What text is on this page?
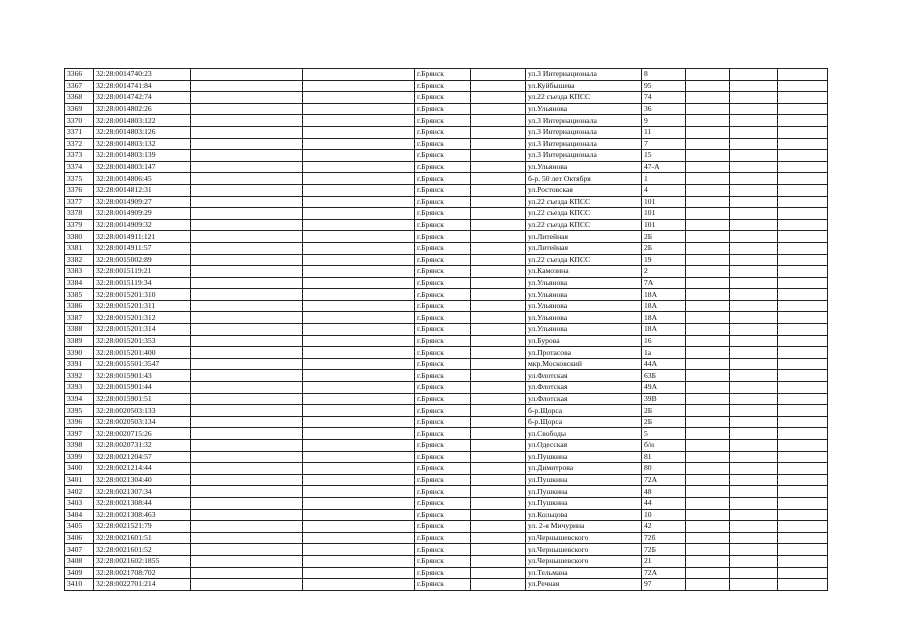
3366	32:28:0014740:23			г.Брянск		ул.3 Интернационала	8			
3367	32:28:0014741:84			г.Брянск		ул.Куйбышева	95			
3368	32:28:0014742:74			г.Брянск		ул.22 съезда КПСС	74			
3369	32:28:0014802:26			г.Брянск		ул.Ульянова	36			
3370	32:28:0014803:122			г.Брянск		ул.3 Интернационала	9			
3371	32:28:0014803:126			г.Брянск		ул.3 Интернационала	11			
3372	32:28:0014803:132			г.Брянск		ул.3 Интернационала	7			
3373	32:28:0014803:139			г.Брянск		ул.3 Интернационала	15			
3374	32:28:0014803:147			г.Брянск		ул.Ульянова	47-А			
3375	32:28:0014806:45			г.Брянск		б-р. 50 лет Октября	1			
3376	32:28:0014812:31			г.Брянск		ул.Ростовская	4			
3377	32:28:0014909:27			г.Брянск		ул.22 съезда КПСС	101			
3378	32:28:0014909:29			г.Брянск		ул.22 съезда КПСС	101			
3379	32:28:0014909:32			г.Брянск		ул.22 съезда КПСС	101			
3380	32:28:0014911:121			г.Брянск		ул.Литейная	2Б			
3381	32:28:0014911:57			г.Брянск		ул.Литейная	2Б			
3382	32:28:0015002:89			г.Брянск		ул.22 съезда КПСС	19			
3383	32:28:0015119:21			г.Брянск		ул.Камозина	2			
3384	32:28:0015119:34			г.Брянск		ул.Ульянова	7А			
3385	32:28:0015201:310			г.Брянск		ул.Ульянова	18А			
3386	32:28:0015201:311			г.Брянск		ул.Ульянова	18А			
3387	32:28:0015201:312			г.Брянск		ул.Ульянова	18А			
3388	32:28:0015201:314			г.Брянск		ул.Ульянова	18А			
3389	32:28:0015201:353			г.Брянск		ул.Бурова	16			
3390	32:28:0015201:400			г.Брянск		ул.Протасова	1а			
3391	32:28:0015501:3547			г.Брянск		мкр.Московский	44А			
3392	32:28:0015901:43			г.Брянск		ул.Флотская	63Б			
3393	32:28:0015901:44			г.Брянск		ул.Флотская	49А			
3394	32:28:0015901:51			г.Брянск		ул.Флотская	39В			
3395	32:28:0020503:133			г.Брянск		б-р.Щорса	2Б			
3396	32:28:0020503:134			г.Брянск		б-р.Щорса	2Б			
3397	32:28:0020715:26			г.Брянск		ул.Свободы	5			
3398	32:28:0020731:32			г.Брянск		ул.Одесская	б/н			
3399	32:28:0021204:57			г.Брянск		ул.Пушкина	81			
3400	32:28:0021214:44			г.Брянск		ул.Димитрова	80			
3401	32:28:0021304:40			г.Брянск		ул.Пушкина	72А			
3402	32:28:0021307:34			г.Брянск		ул.Пушкина	48			
3403	32:28:0021308:44			г.Брянск		ул.Пушкина	44			
3404	32:28:0021308:463			г.Брянск		ул.Кольцова	10			
3405	32:28:0021521:79			г.Брянск		ул. 2-я Мичурина	42			
3406	32:28:0021601:51			г.Брянск		ул.Чернышевского	72б			
3407	32:28:0021601:52			г.Брянск		ул.Чернышевского	72Б			
3408	32:28:0021602:1855			г.Брянск		ул.Чернышевского	21			
3409	32:28:0021708:702			г.Брянск		ул.Тельмана	72А			
3410	32:28:0022701:214			г.Брянск		ул.Речная	97			
